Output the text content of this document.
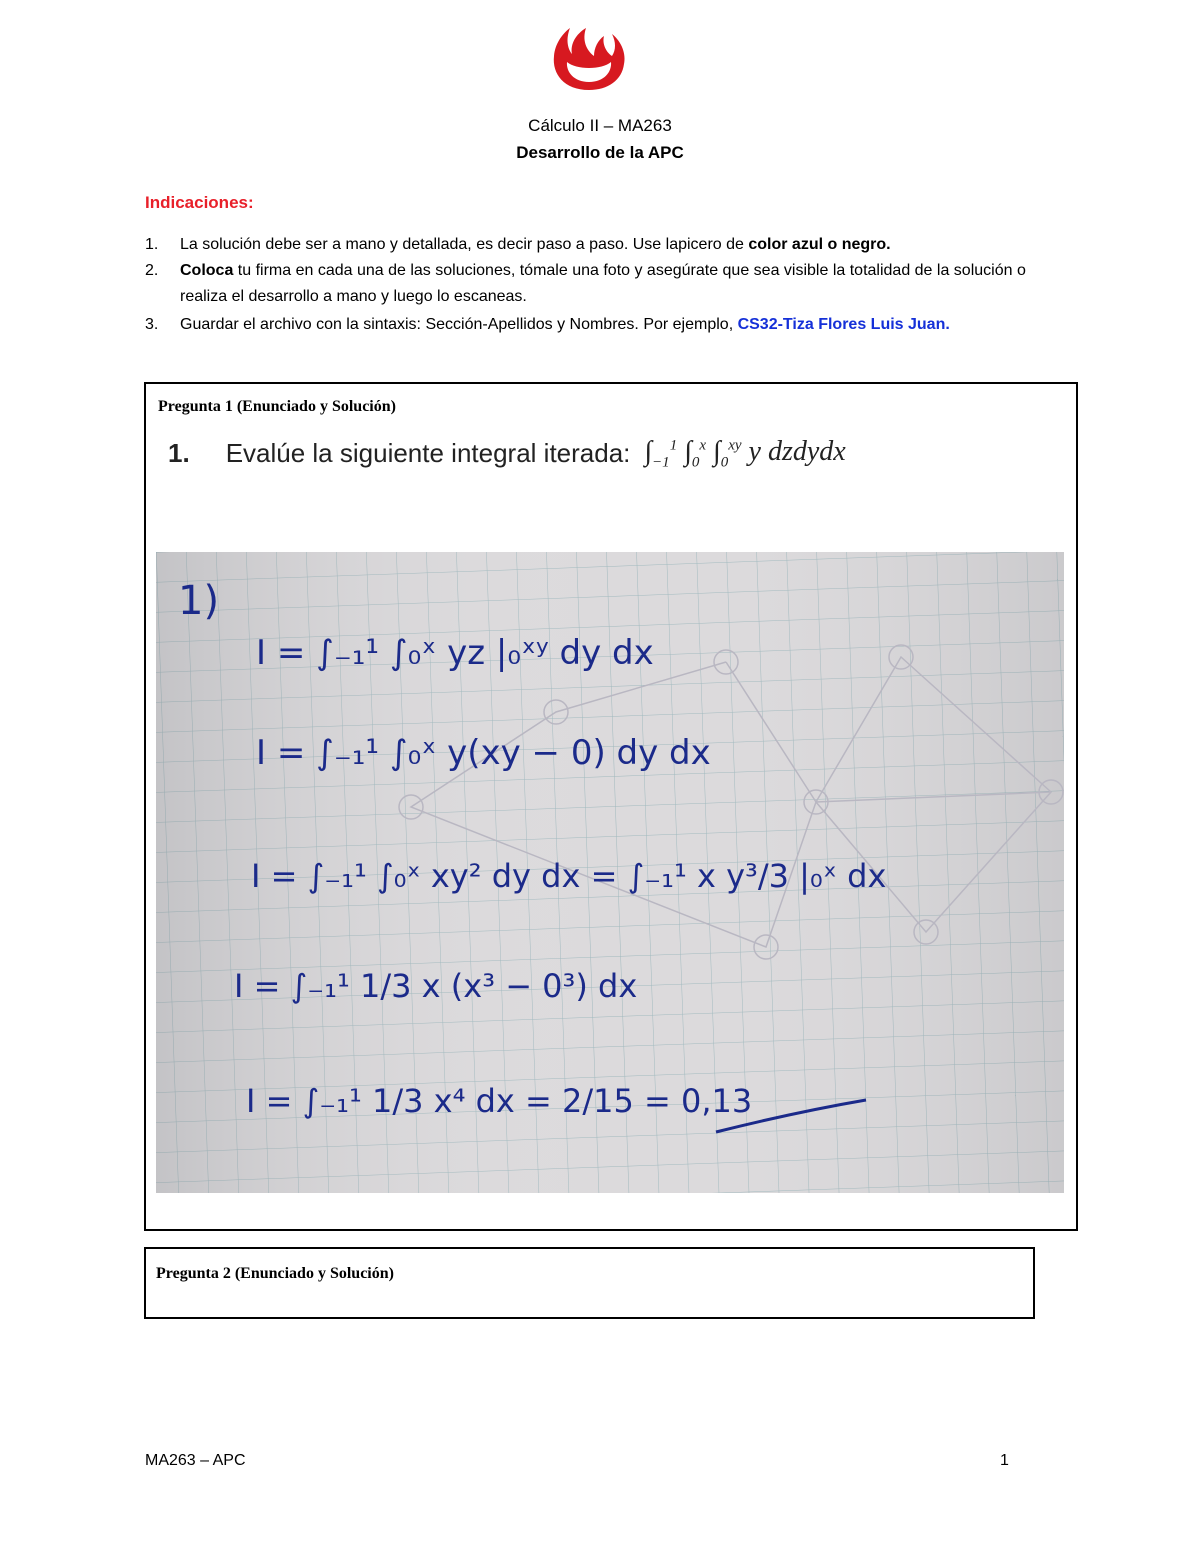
Cálculo II – MA263
Desarrollo de la APC
Indicaciones:
1. La solución debe ser a mano y detallada, es decir paso a paso. Use lapicero de color azul o negro.
2. Coloca tu firma en cada una de las soluciones, tómale una foto y asegúrate que sea visible la totalidad de la solución o realiza el desarrollo a mano y luego lo escaneas.
3. Guardar el archivo con la sintaxis: Sección-Apellidos y Nombres. Por ejemplo, CS32-Tiza Flores Luis Juan.
Pregunta 1 (Enunciado y Solución)
1. Evalúe la siguiente integral iterada: $\int_{-1}^1$ $\int_0^x$ $\int_0^{xy}$ y dzdydx
1)
I = ∫₋₁¹ ∫₀ˣ yz |₀ˣʸ dy dx
I = ∫₋₁¹ ∫₀ˣ y(xy − 0) dy dx
I = ∫₋₁¹ ∫₀ˣ xy² dy dx = ∫₋₁¹ x y³/3 |₀ˣ dx
I = ∫₋₁¹ 1/3 x (x³ − 0³) dx
I = ∫₋₁¹ 1/3 x⁴ dx = 2/15 = 0,13
Pregunta 2 (Enunciado y Solución)
MA263 – APC	1
